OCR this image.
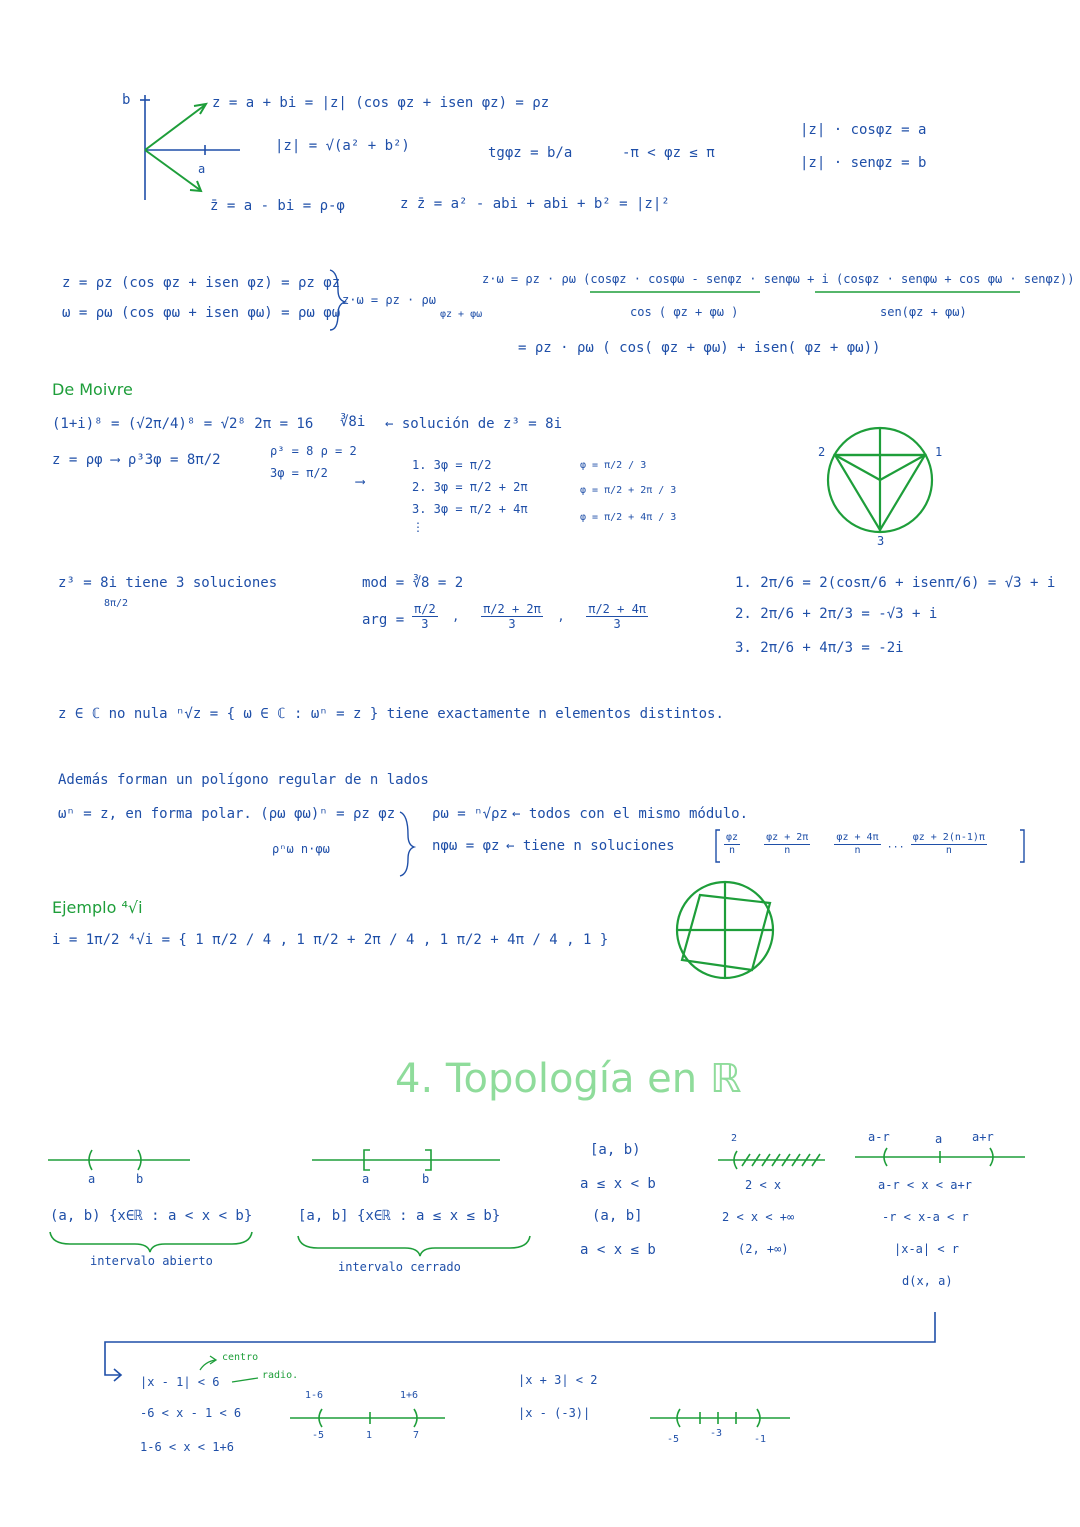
b
a
z = a + bi = |z| (cos φz + isen φz) = ρz
|z| = √(a² + b²)
z̄ = a - bi = ρ-φ
tgφz = b/a	-π < φz ≤ π
|z| · cosφz = a
|z| · senφz = b
z z̄ = a² - abi + abi + b² = |z|²
z = ρz (cos φz + isen φz) = ρz φz
ω = ρω (cos φω + isen φω) = ρω φω
z·ω = ρz · ρω
φz + φω
z·ω = ρz · ρω (cosφz · cosφω - senφz · senφω + i (cosφz · senφω + cos φω · senφz))
cos ( φz + φω )	sen(φz + φω)
= ρz · ρω ( cos( φz + φω) + isen( φz + φω))
De Moivre
(1+i)⁸ = (√2π/4)⁸ = √2⁸ 2π = 16 ∛8i ← solución de z³ = 8i
z = ρφ ⟶ ρ³3φ = 8π/2
ρ³ = 8 ρ = 2
3φ = π/2
⟶
1. 3φ = π/2
2. 3φ = π/2 + 2π
3. 3φ = π/2 + 4π
⋮
φ = π/2 / 3
φ = π/2 + 2π / 3
φ = π/2 + 4π / 3
2	1
3
z³ = 8i tiene 3 soluciones
8π/2
mod = ∛8 = 2
arg = $\frac{\pi/2}{3}$ , $\frac{\pi/2 + 2\pi}{3}$ , $\frac{\pi/2 + 4\pi}{3}$
1. 2π/6 = 2(cosπ/6 + isenπ/6) = √3 + i
2. 2π/6 + 2π/3 = -√3 + i
3. 2π/6 + 4π/3 = -2i
z ∈ ℂ no nula ⁿ√z = { ω ∈ ℂ : ωⁿ = z } tiene exactamente n elementos distintos.
Además forman un polígono regular de n lados
ωⁿ = z, en forma polar. (ρω φω)ⁿ = ρz φz
ρⁿω n·φω
ρω = ⁿ√ρz ← todos con el mismo módulo.
nφω = φz ← tiene n soluciones	$\frac{\varphi z}{n}$
$\frac{\varphi z + 2\pi}{n}$
$\frac{\varphi z + 4\pi}{n}$ ... $\frac{\varphi z + 2(n-1)\pi}{n}$
Ejemplo ⁴√i
i = 1π/2 ⁴√i = { 1 π/2 / 4 , 1 π/2 + 2π / 4 , 1 π/2 + 4π / 4 , 1 }
4. Topología en ℝ
a	b
(a, b) {x∈ℝ : a < x < b}
intervalo abierto
a	b
[a, b] {x∈ℝ : a ≤ x ≤ b}
intervalo cerrado
[a, b)
a ≤ x < b
(a, b]
a < x ≤ b
2
2 < x
2 < x < +∞
(2, +∞)
a-r	a a+r
a-r < x < a+r
-r < x-a < r
|x-a| < r
d(x, a)
centro
radio.
|x - 1| < 6
-6 < x - 1 < 6
1-6 < x < 1+6
1-6	1+6
-5	1	7
|x + 3| < 2
|x - (-3)|
-5
-3
-1
